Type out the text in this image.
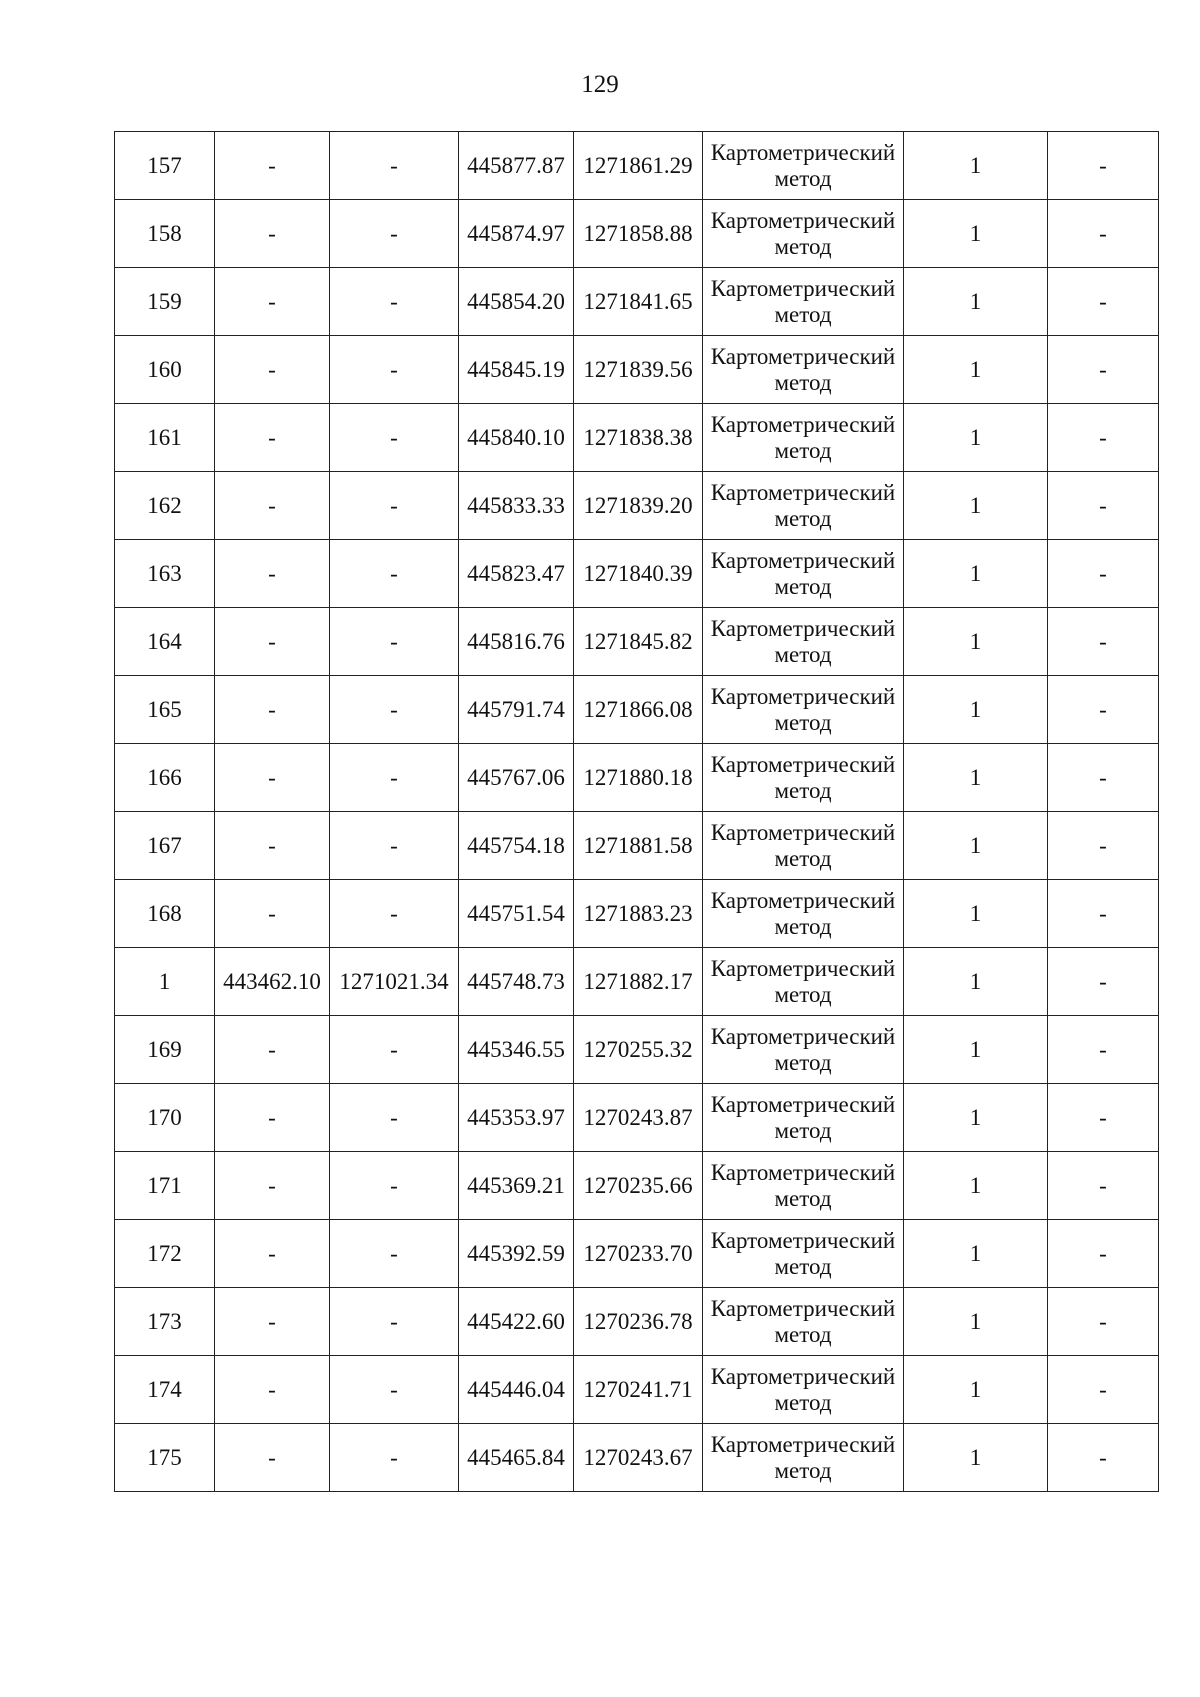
129
157	-	-	445877.87	1271861.29	Картометрический
метод	1	-
158	-	-	445874.97	1271858.88	Картометрический
метод	1	-
159	-	-	445854.20	1271841.65	Картометрический
метод	1	-
160	-	-	445845.19	1271839.56	Картометрический
метод	1	-
161	-	-	445840.10	1271838.38	Картометрический
метод	1	-
162	-	-	445833.33	1271839.20	Картометрический
метод	1	-
163	-	-	445823.47	1271840.39	Картометрический
метод	1	-
164	-	-	445816.76	1271845.82	Картометрический
метод	1	-
165	-	-	445791.74	1271866.08	Картометрический
метод	1	-
166	-	-	445767.06	1271880.18	Картометрический
метод	1	-
167	-	-	445754.18	1271881.58	Картометрический
метод	1	-
168	-	-	445751.54	1271883.23	Картометрический
метод	1	-
1	443462.10	1271021.34	445748.73	1271882.17	Картометрический
метод	1	-
169	-	-	445346.55	1270255.32	Картометрический
метод	1	-
170	-	-	445353.97	1270243.87	Картометрический
метод	1	-
171	-	-	445369.21	1270235.66	Картометрический
метод	1	-
172	-	-	445392.59	1270233.70	Картометрический
метод	1	-
173	-	-	445422.60	1270236.78	Картометрический
метод	1	-
174	-	-	445446.04	1270241.71	Картометрический
метод	1	-
175	-	-	445465.84	1270243.67	Картометрический
метод	1	-
